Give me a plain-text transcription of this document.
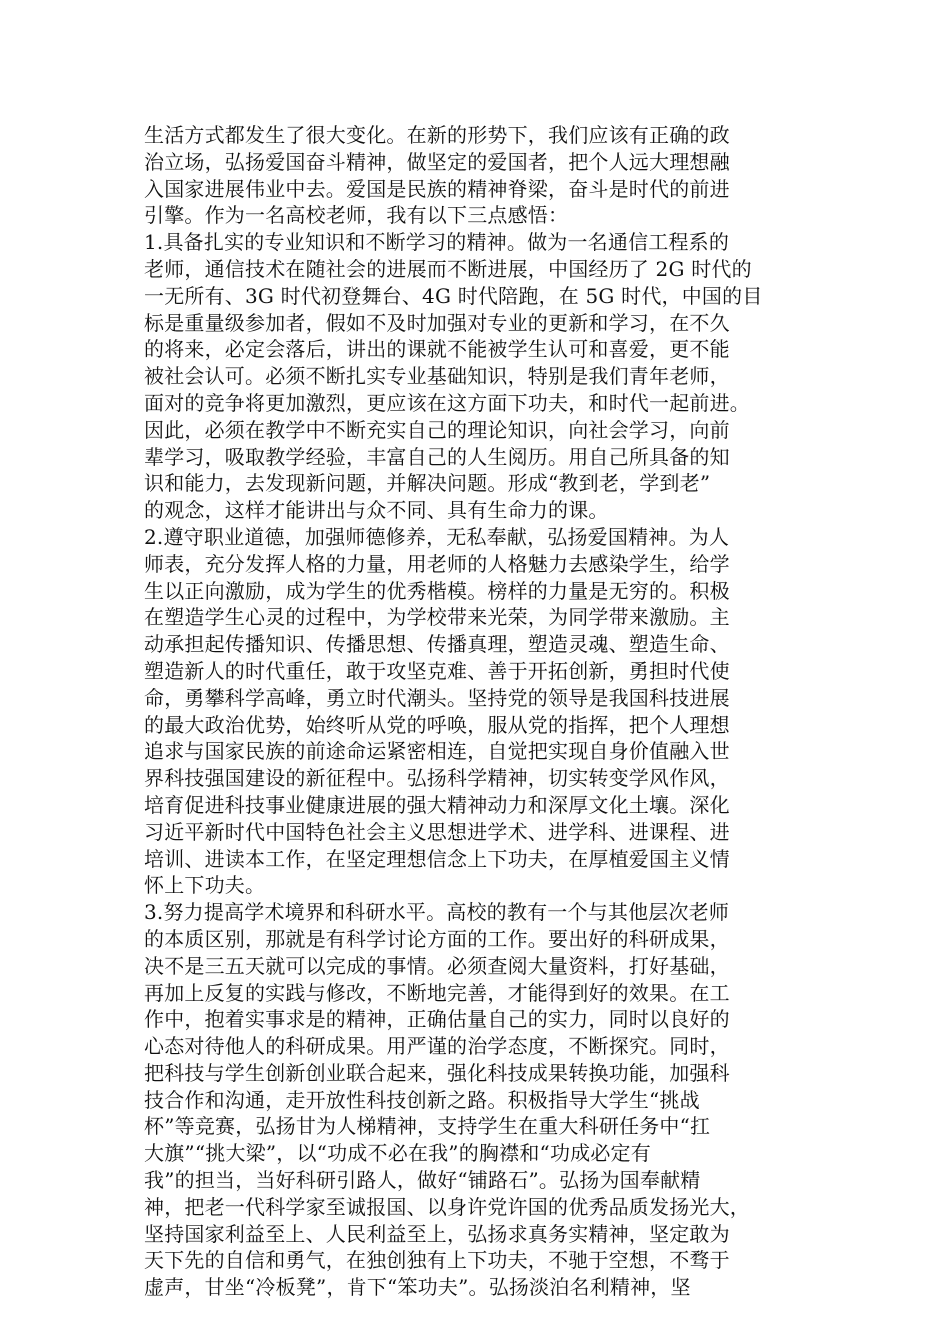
生活方式都发生了很大变化。在新的形势下，我们应该有正确的政
治立场，弘扬爱国奋斗精神，做坚定的爱国者，把个人远大理想融
入国家进展伟业中去。爱国是民族的精神脊梁，奋斗是时代的前进
引擎。作为一名高校老师，我有以下三点感悟：
1.具备扎实的专业知识和不断学习的精神。做为一名通信工程系的
老师，通信技术在随社会的进展而不断进展，中国经历了 2G 时代的
一无所有、3G 时代初登舞台、4G 时代陪跑，在 5G 时代，中国的目
标是重量级参加者，假如不及时加强对专业的更新和学习，在不久
的将来，必定会落后，讲出的课就不能被学生认可和喜爱，更不能
被社会认可。必须不断扎实专业基础知识，特别是我们青年老师，
面对的竞争将更加激烈，更应该在这方面下功夫，和时代一起前进。
因此，必须在教学中不断充实自己的理论知识，向社会学习，向前
辈学习，吸取教学经验，丰富自己的人生阅历。用自己所具备的知
识和能力，去发现新问题，并解决问题。形成“教到老，学到老”
的观念，这样才能讲出与众不同、具有生命力的课。
2.遵守职业道德，加强师德修养，无私奉献，弘扬爱国精神。为人
师表，充分发挥人格的力量，用老师的人格魅力去感染学生，给学
生以正向激励，成为学生的优秀楷模。榜样的力量是无穷的。积极
在塑造学生心灵的过程中，为学校带来光荣，为同学带来激励。主
动承担起传播知识、传播思想、传播真理，塑造灵魂、塑造生命、
塑造新人的时代重任，敢于攻坚克难、善于开拓创新，勇担时代使
命，勇攀科学高峰，勇立时代潮头。坚持党的领导是我国科技进展
的最大政治优势，始终听从党的呼唤，服从党的指挥，把个人理想
追求与国家民族的前途命运紧密相连，自觉把实现自身价值融入世
界科技强国建设的新征程中。弘扬科学精神，切实转变学风作风，
培育促进科技事业健康进展的强大精神动力和深厚文化土壤。深化
习近平新时代中国特色社会主义思想进学术、进学科、进课程、进
培训、进读本工作，在坚定理想信念上下功夫，在厚植爱国主义情
怀上下功夫。
3.努力提高学术境界和科研水平。高校的教有一个与其他层次老师
的本质区别，那就是有科学讨论方面的工作。要出好的科研成果，
决不是三五天就可以完成的事情。必须查阅大量资料，打好基础，
再加上反复的实践与修改，不断地完善，才能得到好的效果。在工
作中，抱着实事求是的精神，正确估量自己的实力，同时以良好的
心态对待他人的科研成果。用严谨的治学态度，不断探究。同时，
把科技与学生创新创业联合起来，强化科技成果转换功能，加强科
技合作和沟通，走开放性科技创新之路。积极指导大学生“挑战
杯”等竞赛，弘扬甘为人梯精神，支持学生在重大科研任务中“扛
大旗”“挑大梁”，以“功成不必在我”的胸襟和“功成必定有
我”的担当，当好科研引路人，做好“铺路石”。弘扬为国奉献精
神，把老一代科学家至诚报国、以身许党许国的优秀品质发扬光大，
坚持国家利益至上、人民利益至上，弘扬求真务实精神，坚定敢为
天下先的自信和勇气，在独创独有上下功夫，不驰于空想，不骛于
虚声，甘坐“冷板凳”，肯下“笨功夫”。弘扬淡泊名利精神，坚
